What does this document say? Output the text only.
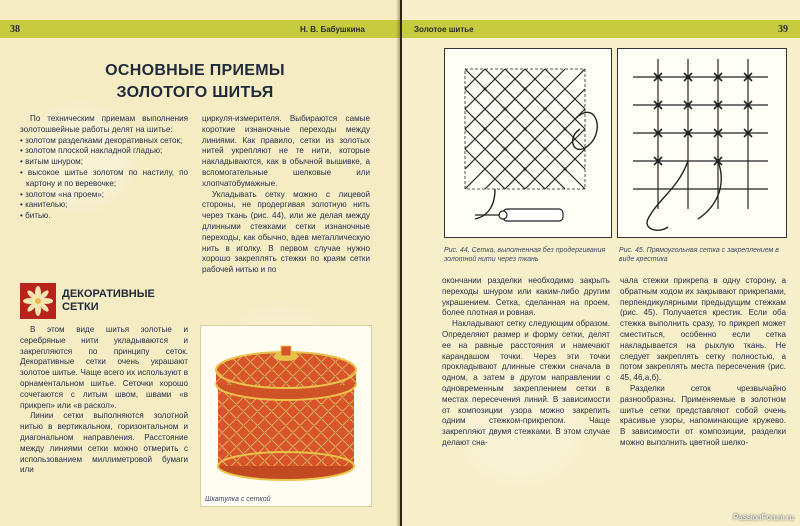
38	Н. В. Бабушкина
ОСНОВНЫЕ ПРИЕМЫ
ЗОЛОТОГО ШИТЬЯ

По техническим приемам выполнения золотошвейные работы делят на шитье:

• золотом разделками декоративных сеток;
• золотом плоской накладной гладью;
• витым шнуром;
• высокое шитье золотом по настилу, по картону и по веревочке;
• золотом «на проем»;
• канителью;
• битью.
ДЕКОРАТИВНЫЕ
СЕТКИ

В этом виде шитья золотые и серебряные нити укладываются и закрепляются по принципу сеток. Декоративные сетки очень украшают золотое шитье. Чаще всего их используют в орнаментальном шитье. Сеточки хорошо сочетаются с литым швом, швами «в прикреп» или «в раскол».

Линии сетки выполняются золотной нитью в вертикальном, горизонтальном и диагональном направления. Расстояние между линиями сетки можно отмерить с использованием миллиметровой бумаги или

циркуля-измерителя. Выбираются самые короткие изнаночные переходы между линиями. Как правило, сетки из золотых нитей укрепляют не те нити, которые накладываются, как в обычной вышивке, а вспомогательные шелковые или хлопчатобумажные.

Укладывать сетку можно с лицевой стороны, не продергивая золотную нить через ткань (рис. 44), или же делая между длинными стежками сетки изнаночные переходы, как обычно, вдев металлическую нить в иголку. В первом случае нужно хорошо закреплять стежки по краям сетки рабочей нитью и по

Шкатулка с сеткой
Золотое шитье	39
Рис. 44. Сетка, выполненная без продергивания золотной нити через ткань
Рис. 45. Прямоугольная сетка с закреплением в виде крестика

окончании разделки необходимо закрыть переходы шнуром или каким-либо другим украшением. Сетка, сделанная на проем, более плотная и ровная.

Накладывают сетку следующим образом. Определяют размер и форму сетки, делят ее на равные расстояния и намечают карандашом точки. Через эти точки прокладывают длинные стежки сначала в одном, а затем в другом направлении с одновременным закреплением сетки в местах пересечения линий. В зависимости от композиции узора можно закрепить одним стежком-прикрепом. Чаще закрепляют двумя стежками. В этом случае делают сна-

чала стежки прикрепа в одну сторону, а обратным ходом их закрывают прикрепами, перпендикулярными предыдущим стежкам (рис. 45). Получается крестик. Если оба стежка выполнить сразу, то прикреп может сместиться, особенно если сетка накладывается на рыхлую ткань. Не следует закреплять сетку полностью, а потом закреплять места пересечения (рис. 45, 46,а,б).

Разделки сеток чрезвычайно разнообразны. Применяемые в золотном шитье сетки представляют собой очень красивые узоры, напоминающие кружево. В зависимости от композиции, разделки можно выполнить цветной шелко-

PassionForum.ru
